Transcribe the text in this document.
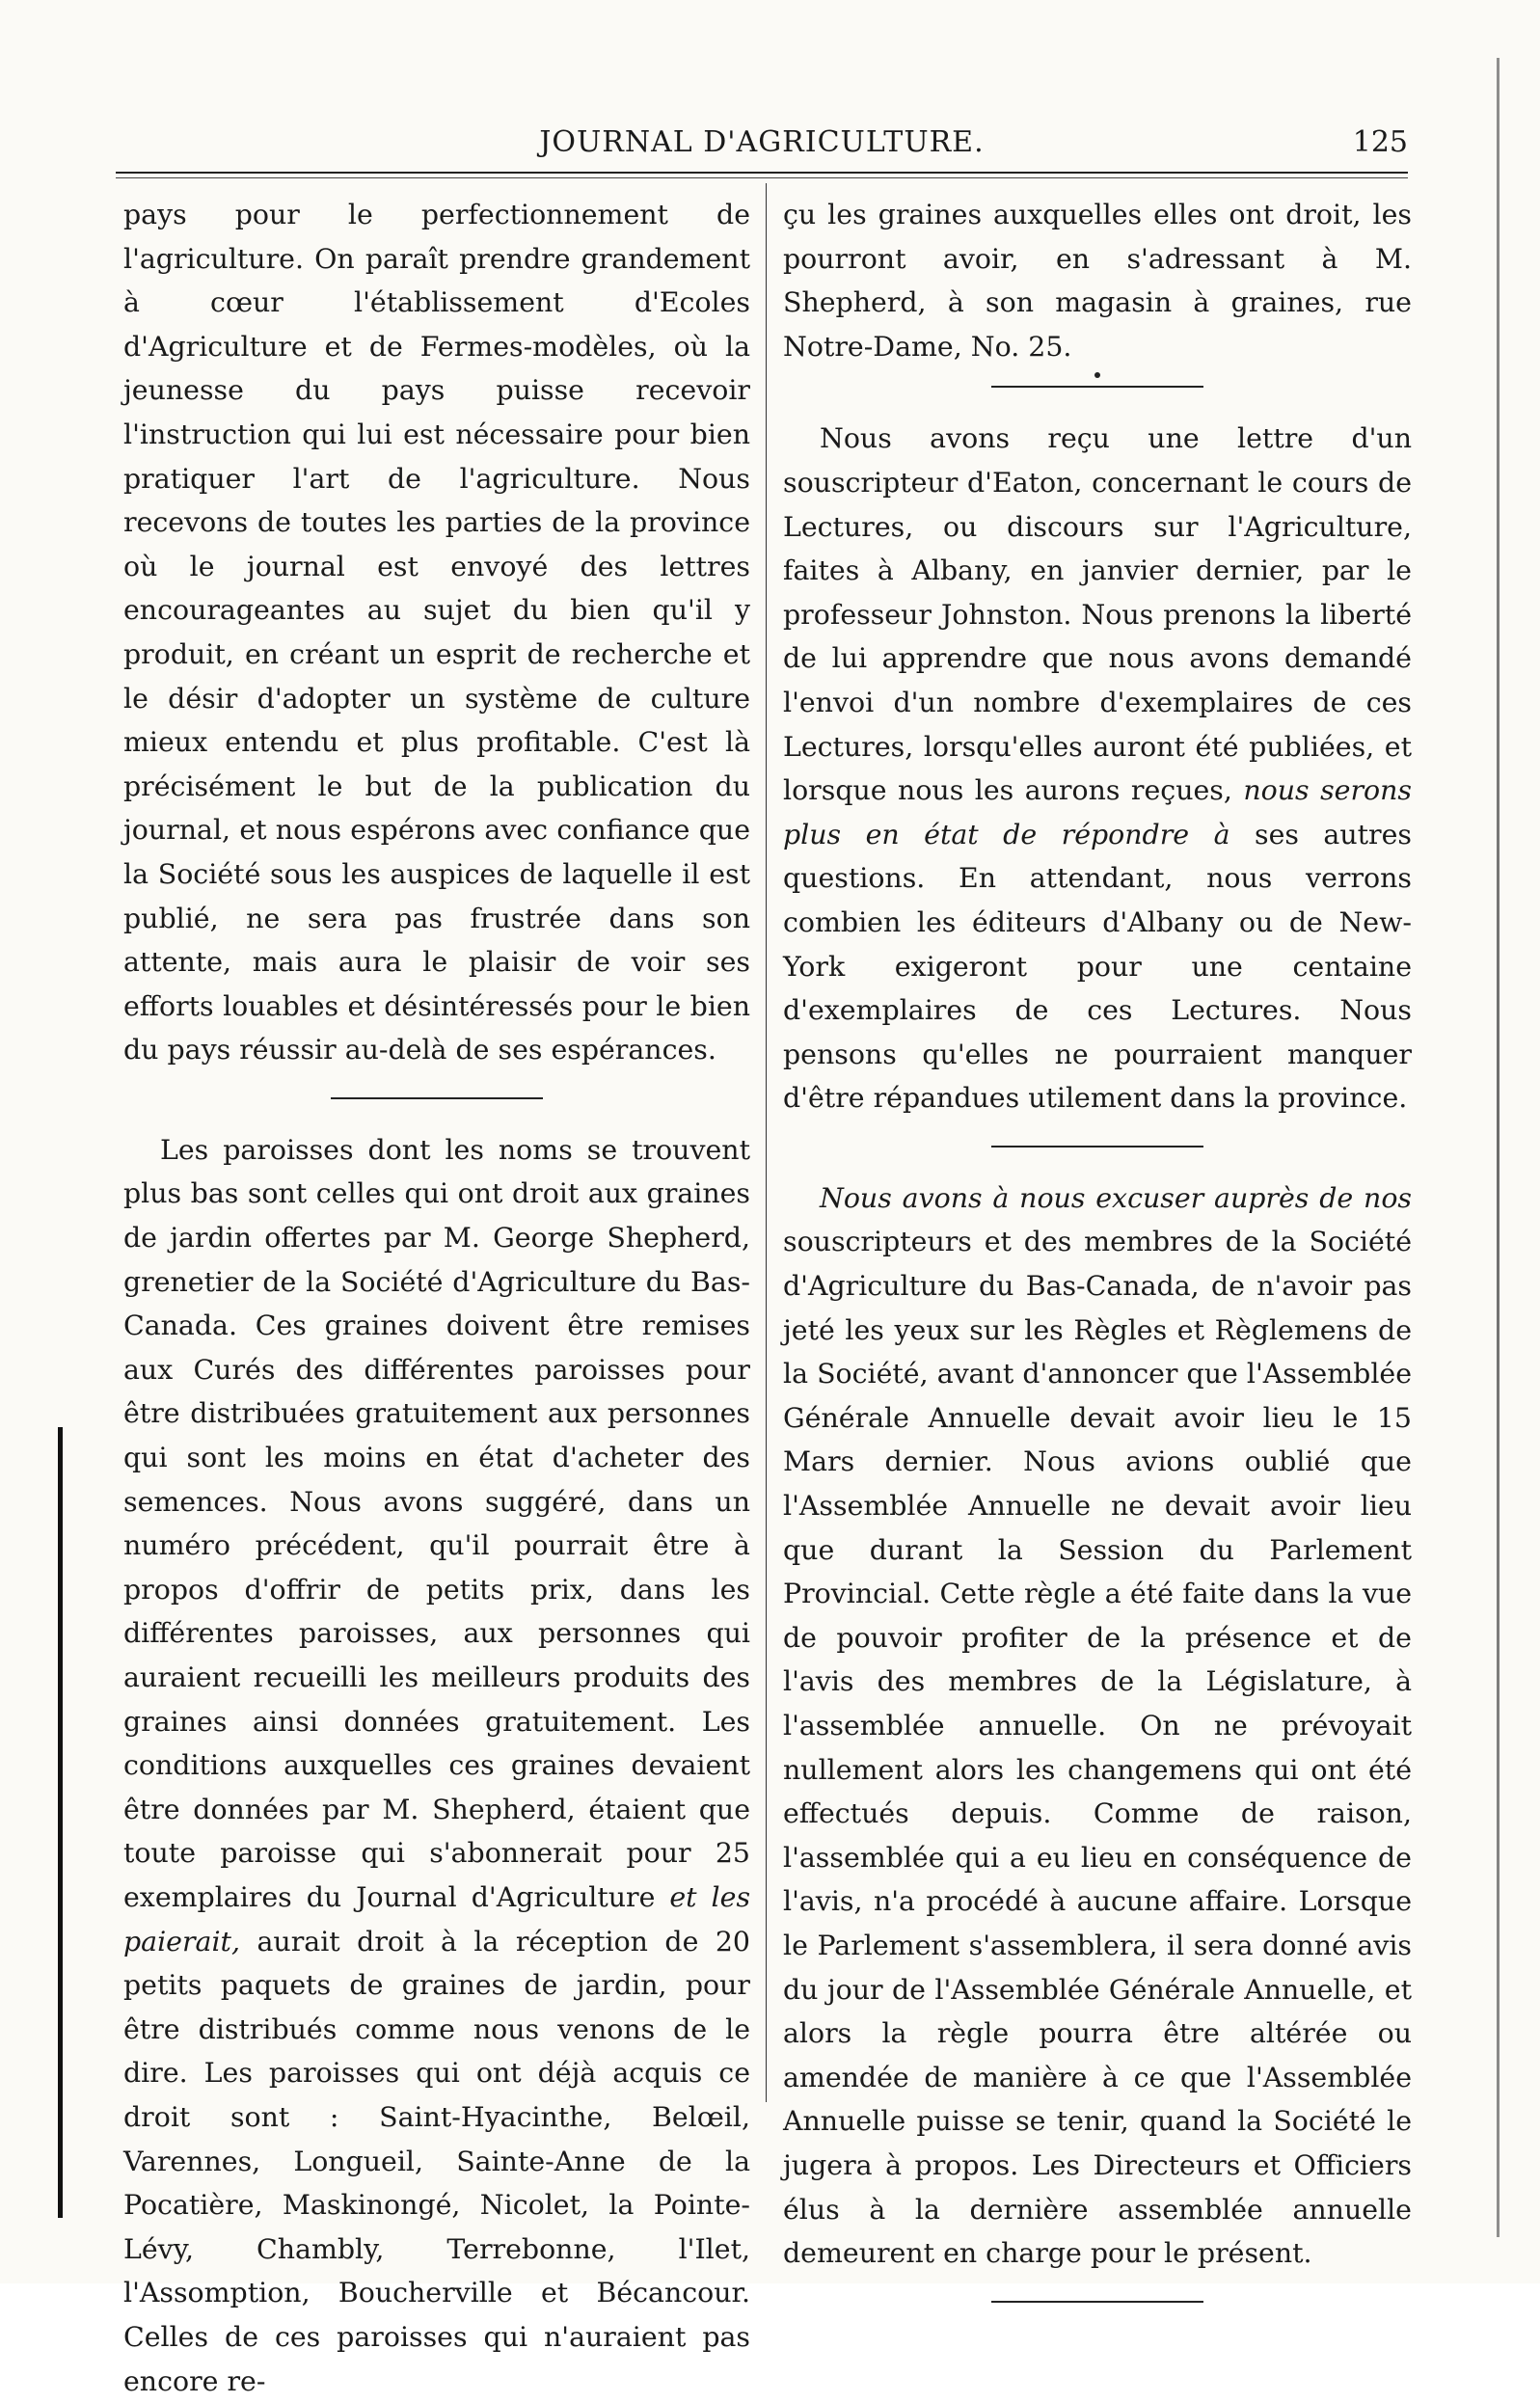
JOURNAL D'AGRICULTURE.	125

pays pour le perfectionnement de l'agriculture. On paraît prendre grandement à cœur l'établissement d'Ecoles d'Agriculture et de Fermes-modèles, où la jeunesse du pays puisse recevoir l'instruction qui lui est nécessaire pour bien pratiquer l'art de l'agriculture. Nous recevons de toutes les parties de la province où le journal est envoyé des lettres encourageantes au sujet du bien qu'il y produit, en créant un esprit de recherche et le désir d'adopter un système de culture mieux entendu et plus profitable. C'est là précisément le but de la publication du journal, et nous espérons avec confiance que la Société sous les auspices de laquelle il est publié, ne sera pas frustrée dans son attente, mais aura le plaisir de voir ses efforts louables et désintéressés pour le bien du pays réussir au-delà de ses espérances.

Les paroisses dont les noms se trouvent plus bas sont celles qui ont droit aux graines de jardin offertes par M. George Shepherd, grenetier de la Société d'Agriculture du Bas-Canada. Ces graines doivent être remises aux Curés des différentes paroisses pour être distribuées gratuitement aux personnes qui sont les moins en état d'acheter des semences. Nous avons suggéré, dans un numéro précédent, qu'il pourrait être à propos d'offrir de petits prix, dans les différentes paroisses, aux personnes qui auraient recueilli les meilleurs produits des graines ainsi données gratuitement. Les conditions auxquelles ces graines devaient être données par M. Shepherd, étaient que toute paroisse qui s'abonnerait pour 25 exemplaires du Journal d'Agriculture et les paierait, aurait droit à la réception de 20 petits paquets de graines de jardin, pour être distribués comme nous venons de le dire. Les paroisses qui ont déjà acquis ce droit sont : Saint-Hyacinthe, Belœil, Varennes, Longueil, Sainte-Anne de la Pocatière, Maskinongé, Nicolet, la Pointe-Lévy, Chambly, Terrebonne, l'Ilet, l'Assomption, Boucherville et Bécancour. Celles de ces paroisses qui n'auraient pas encore re-

çu les graines auxquelles elles ont droit, les pourront avoir, en s'adressant à M. Shepherd, à son magasin à graines, rue Notre-Dame, No. 25.

Nous avons reçu une lettre d'un souscripteur d'Eaton, concernant le cours de Lectures, ou discours sur l'Agriculture, faites à Albany, en janvier dernier, par le professeur Johnston. Nous prenons la liberté de lui apprendre que nous avons demandé l'envoi d'un nombre d'exemplaires de ces Lectures, lorsqu'elles auront été publiées, et lorsque nous les aurons reçues, nous serons plus en état de répondre à ses autres questions. En attendant, nous verrons combien les éditeurs d'Albany ou de New-York exigeront pour une centaine d'exemplaires de ces Lectures. Nous pensons qu'elles ne pourraient manquer d'être répandues utilement dans la province.

Nous avons à nous excuser auprès de nos souscripteurs et des membres de la Société d'Agriculture du Bas-Canada, de n'avoir pas jeté les yeux sur les Règles et Règlemens de la Société, avant d'annoncer que l'Assemblée Générale Annuelle devait avoir lieu le 15 Mars dernier. Nous avions oublié que l'Assemblée Annuelle ne devait avoir lieu que durant la Session du Parlement Provincial. Cette règle a été faite dans la vue de pouvoir profiter de la présence et de l'avis des membres de la Législature, à l'assemblée annuelle. On ne prévoyait nullement alors les changemens qui ont été effectués depuis. Comme de raison, l'assemblée qui a eu lieu en conséquence de l'avis, n'a procédé à aucune affaire. Lorsque le Parlement s'assemblera, il sera donné avis du jour de l'Assemblée Générale Annuelle, et alors la règle pourra être altérée ou amendée de manière à ce que l'Assemblée Annuelle puisse se tenir, quand la Société le jugera à propos. Les Directeurs et Officiers élus à la dernière assemblée annuelle demeurent en charge pour le présent.
